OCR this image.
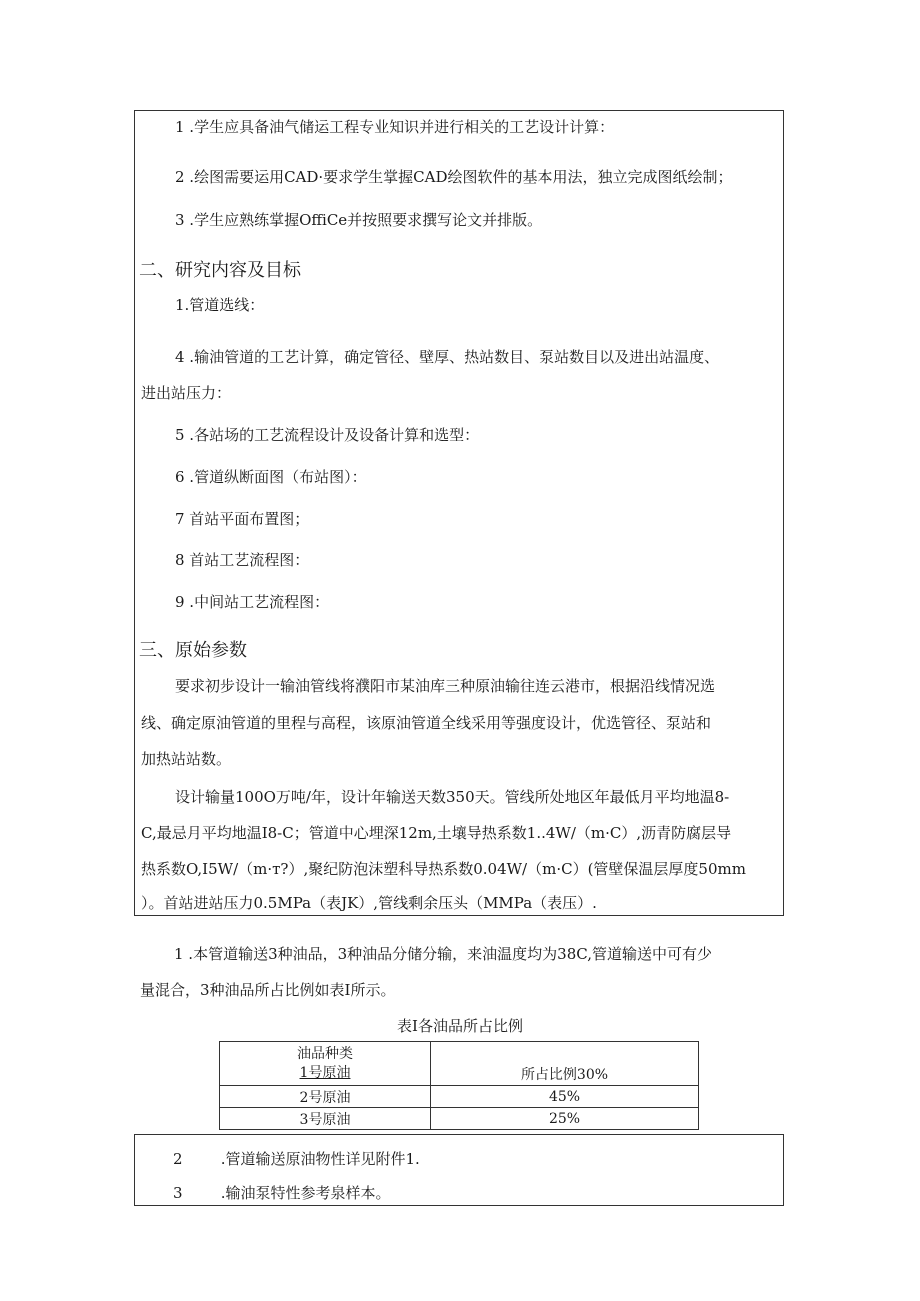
1 .学生应具备油气储运工程专业知识并进行相关的工艺设计计算：
2 .绘图需要运用CAD·要求学生掌握CAD绘图软件的基本用法，独立完成图纸绘制；
3 .学生应熟练掌握OffiCe并按照要求撰写论文并排版。
二、研究内容及目标
1.管道选线：
4 .输油管道的工艺计算，确定管径、壁厚、热站数目、泵站数目以及进出站温度、
进出站压力：
5 .各站场的工艺流程设计及设备计算和选型：
6 .管道纵断面图（布站图）：
7 首站平面布置图；
8 首站工艺流程图：
9 .中间站工艺流程图：
三、原始参数
要求初步设计一输油管线将濮阳市某油库三种原油输往连云港市，根据沿线情况选
线、确定原油管道的里程与高程，该原油管道全线采用等强度设计，优选管径、泵站和
加热站站数。
设计输量100O万吨/年，设计年输送天数350天。管线所处地区年最低月平均地温8-
C,最忌月平均地温I8-C；管道中心埋深12m,土壤导热系数1..4W/（m·C）,沥青防腐层导
热系数O,I5W/（m·т?）,聚纪防泡沫塑科导热系数0.04W/（m·C）(管壁保温层厚度50mm
）。首站进站压力0.5MPa（表JK）,管线剩余压头（MMPa（表压）.
1 .本管道输送3种油品，3种油品分储分输，来油温度均为38C,管道输送中可有少
量混合，3种油品所占比例如表I所示。
表I各油品所占比例
油品种类
1号原油	所占比例30%
2号原油	45%
3号原油	25%
2        .管道输送原油物性详见附件1.
3        .输油泵特性参考泉样本。
